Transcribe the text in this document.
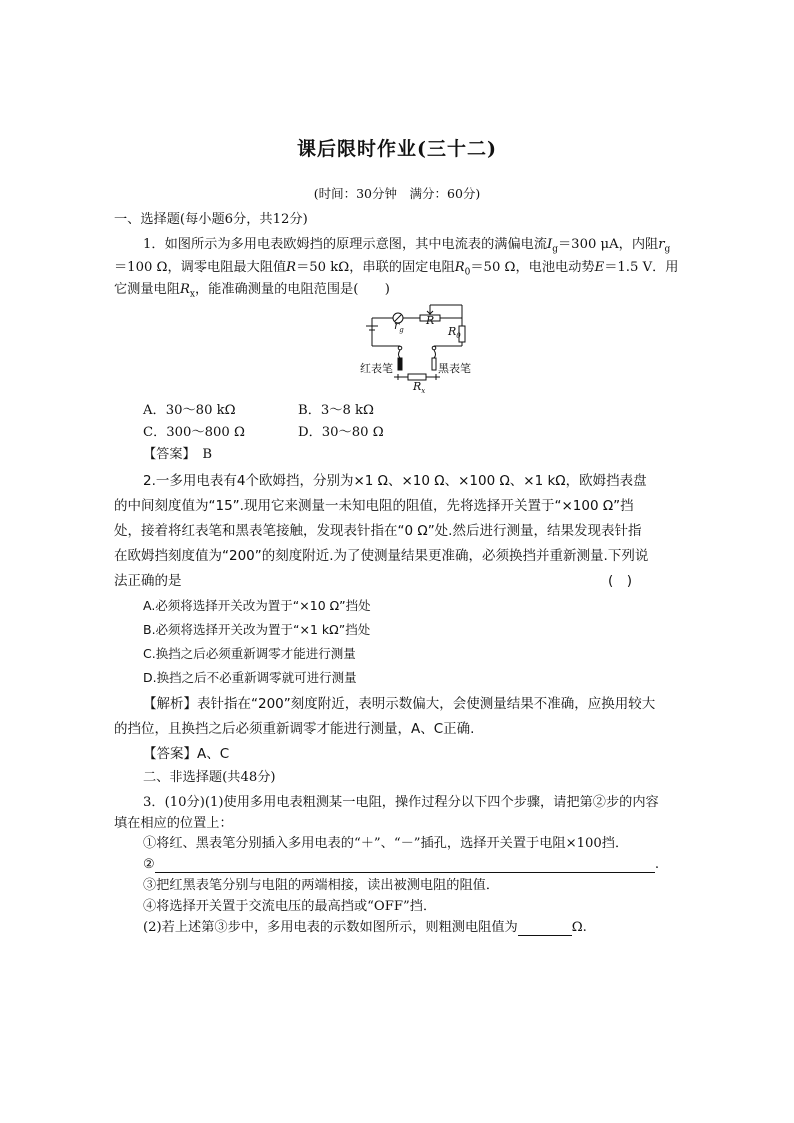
课后限时作业(三十二)
(时间：30分钟　满分：60分)
一、选择题(每小题6分，共12分)
1．如图所示为多用电表欧姆挡的原理示意图，其中电流表的满偏电流$I_g=300$ μA，内阻$r_g$
＝100 Ω，调零电阻最大阻值R＝50 kΩ，串联的固定电阻$R_0=50$ Ω，电池电动势E＝1.5 V．用
它测量电阻$R_x$，能准确测量的电阻范围是(　　)
$r_g$
R
$R_0$
红表笔	黑表笔
$R_x$
A．30～80 kΩ	B．3～8 kΩ
C．300～800 Ω	D．30～80 Ω
【答案】　B
2.一多用电表有4个欧姆挡，分别为×1 Ω、×10 Ω、×100 Ω、×1 kΩ，欧姆挡表盘
的中间刻度值为“15”.现用它来测量一未知电阻的阻值，先将选择开关置于“×100 Ω”挡
处，接着将红表笔和黑表笔接触，发现表针指在“0 Ω”处.然后进行测量，结果发现表针指
在欧姆挡刻度值为“200”的刻度附近.为了使测量结果更准确，必须换挡并重新测量.下列说
法正确的是	(　)
A.必须将选择开关改为置于“×10 Ω”挡处
B.必须将选择开关改为置于“×1 kΩ”挡处
C.换挡之后必须重新调零才能进行测量
D.换挡之后不必重新调零就可进行测量
【解析】表针指在“200”刻度附近，表明示数偏大，会使测量结果不准确，应换用较大
的挡位，且换挡之后必须重新调零才能进行测量，A、C正确.
【答案】A、C
二、非选择题(共48分)
3．(10分)(1)使用多用电表粗测某一电阻，操作过程分以下四个步骤，请把第②步的内容
填在相应的位置上：
①将红、黑表笔分别插入多用电表的“＋”、“－”插孔，选择开关置于电阻×100挡．
②	.
③把红黑表笔分别与电阻的两端相接，读出被测电阻的阻值．
④将选择开关置于交流电压的最高挡或“OFF”挡．
(2)若上述第③步中，多用电表的示数如图所示，则粗测电阻值为	Ω.
